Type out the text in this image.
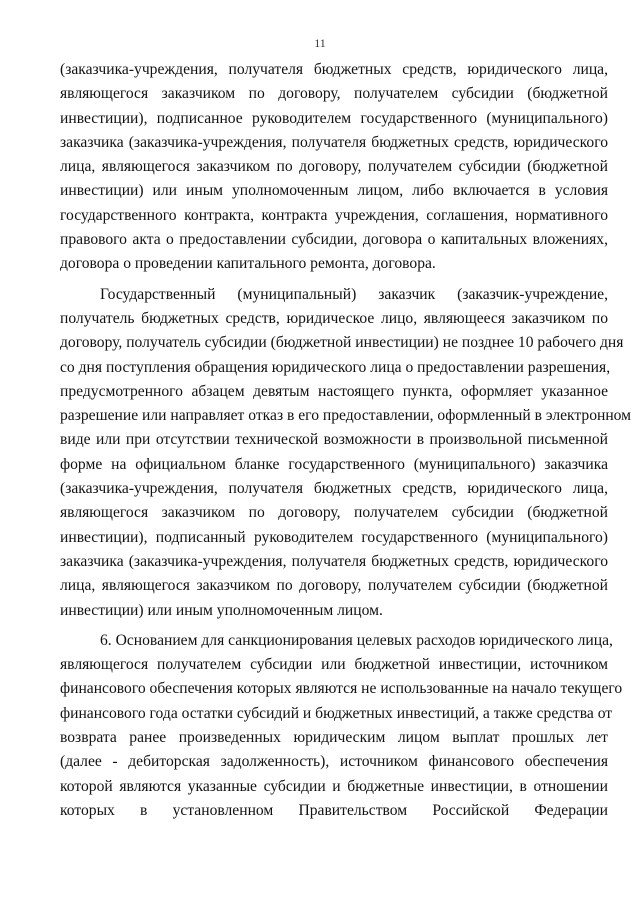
11
(заказчика-учреждения, получателя бюджетных средств, юридического лица,
являющегося заказчиком по договору, получателем субсидии (бюджетной
инвестиции), подписанное руководителем государственного (муниципального)
заказчика (заказчика-учреждения, получателя бюджетных средств, юридического
лица, являющегося заказчиком по договору, получателем субсидии (бюджетной
инвестиции) или иным уполномоченным лицом, либо включается в условия
государственного контракта, контракта учреждения, соглашения, нормативного
правового акта о предоставлении субсидии, договора о капитальных вложениях,
договора о проведении капитального ремонта, договора.
Государственный (муниципальный) заказчик (заказчик-учреждение,
получатель бюджетных средств, юридическое лицо, являющееся заказчиком по
договору, получатель субсидии (бюджетной инвестиции) не позднее 10 рабочего дня
со дня поступления обращения юридического лица о предоставлении разрешения,
предусмотренного абзацем девятым настоящего пункта, оформляет указанное
разрешение или направляет отказ в его предоставлении, оформленный в электронном
виде или при отсутствии технической возможности в произвольной письменной
форме на официальном бланке государственного (муниципального) заказчика
(заказчика-учреждения, получателя бюджетных средств, юридического лица,
являющегося заказчиком по договору, получателем субсидии (бюджетной
инвестиции), подписанный руководителем государственного (муниципального)
заказчика (заказчика-учреждения, получателя бюджетных средств, юридического
лица, являющегося заказчиком по договору, получателем субсидии (бюджетной
инвестиции) или иным уполномоченным лицом.
6. Основанием для санкционирования целевых расходов юридического лица,
являющегося получателем субсидии или бюджетной инвестиции, источником
финансового обеспечения которых являются не использованные на начало текущего
финансового года остатки субсидий и бюджетных инвестиций, а также средства от
возврата ранее произведенных юридическим лицом выплат прошлых лет
(далее - дебиторская задолженность), источником финансового обеспечения
которой являются указанные субсидии и бюджетные инвестиции, в отношении
которых в установленном Правительством Российской Федерации
